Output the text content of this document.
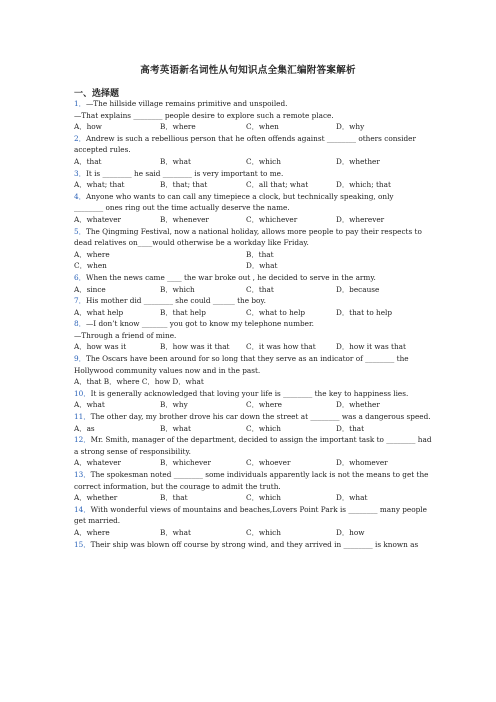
高考英语新名词性从句知识点全集汇编附答案解析
一、选择题
1．—The hillside village remains primitive and unspoiled.
—That explains ________ people desire to explore such a remote place.
A．how	B．where	C．when	D．why
2．Andrew is such a rebellious person that he often offends against ________ others consider
accepted rules.
A．that	B．what	C．which	D．whether
3．It is ________ he said ________ is very important to me.
A．what; that	B．that; that	C．all that; what	D．which; that
4．Anyone who wants to can call any timepiece a clock, but technically speaking, only
________ ones ring out the time actually deserve the name.
A．whatever	B．whenever	C．whichever	D．wherever
5．The Qingming Festival, now a national holiday, allows more people to pay their respects to
dead relatives on____would otherwise be a workday like Friday.
A．where	B．that
C．when	D．what
6．When the news came ____ the war broke out , he decided to serve in the army.
A．since	B．which	C．that	D．because
7．His mother did ________ she could ______ the boy.
A．what help	B．that help	C．what to help	D．that to help
8．—I don’t know _______ you got to know my telephone number.
—Through a friend of mine.
A．how was it	B．how was it that C．it was how that	D．how it was that
9．The Oscars have been around for so long that they serve as an indicator of ________ the
Hollywood community values now and in the past.
A．that B．where C．how D．what
10．It is generally acknowledged that loving your life is ________ the key to happiness lies.
A．what	B．why	C．where	D．whether
11．The other day, my brother drove his car down the street at ________ was a dangerous speed.
A．as	B．what	C．which	D．that
12．Mr. Smith, manager of the department, decided to assign the important task to ________ had
a strong sense of responsibility.
A．whatever	B．whichever	C．whoever	D．whomever
13．The spokesman noted ________ some individuals apparently lack is not the means to get the
correct information, but the courage to admit the truth.
A．whether	B．that	C．which	D．what
14．With wonderful views of mountains and beaches,Lovers Point Park is ________ many people
get married.
A．where	B．what	C．which	D．how
15．Their ship was blown off course by strong wind, and they arrived in ________ is known as
